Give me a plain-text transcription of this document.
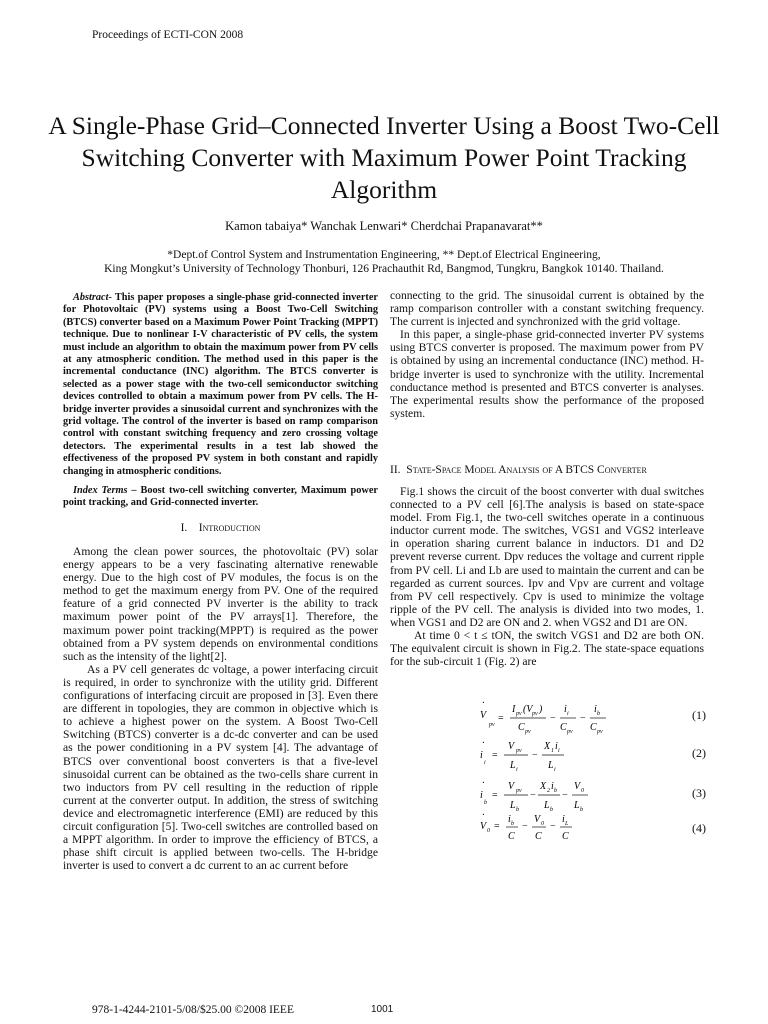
Proceedings of ECTI-CON 2008
A Single-Phase Grid–Connected Inverter Using a Boost Two-Cell Switching Converter with Maximum Power Point Tracking Algorithm
Kamon tabaiya* Wanchak Lenwari* Cherdchai Prapanavarat**
*Dept.of Control System and Instrumentation Engineering, ** Dept.of Electrical Engineering,
King Mongkut’s University of Technology Thonburi, 126 Prachauthit Rd, Bangmod, Tungkru, Bangkok 10140. Thailand.

Abstract- This paper proposes a single-phase grid-connected inverter for Photovoltaic (PV) systems using a Boost Two-Cell Switching (BTCS) converter based on a Maximum Power Point Tracking (MPPT) technique. Due to nonlinear I-V characteristic of PV cells, the system must include an algorithm to obtain the maximum power from PV cells at any atmospheric condition. The method used in this paper is the incremental conductance (INC) algorithm. The BTCS converter is selected as a power stage with the two-cell semiconductor switching devices controlled to obtain a maximum power from PV cells. The H-bridge inverter provides a sinusoidal current and synchronizes with the grid voltage. The control of the inverter is based on ramp comparison control with constant switching frequency and zero crossing voltage detectors. The experimental results in a test lab showed the effectiveness of the proposed PV system in both constant and rapidly changing in atmospheric conditions.

Index Terms – Boost two-cell switching converter, Maximum power point tracking, and Grid-connected inverter.

I. Introduction

Among the clean power sources, the photovoltaic (PV) solar energy appears to be a very fascinating alternative renewable energy. Due to the high cost of PV modules, the focus is on the method to get the maximum energy from PV. One of the required feature of a grid connected PV inverter is the ability to track maximum power point of the PV arrays[1]. Therefore, the maximum power point tracking(MPPT) is required as the power obtained from a PV system depends on environmental conditions such as the intensity of the light[2].

As a PV cell generates dc voltage, a power interfacing circuit is required, in order to synchronize with the utility grid. Different configurations of interfacing circuit are proposed in [3]. Even there are different in topologies, they are common in objective which is to achieve a highest power on the system. A Boost Two-Cell Switching (BTCS) converter is a dc-dc converter and can be used as the power conditioning in a PV system [4]. The advantage of BTCS over conventional boost converters is that a five-level sinusoidal current can be obtained as the two-cells share current in two inductors from PV cell resulting in the reduction of ripple current at the converter output. In addition, the stress of switching device and electromagnetic interference (EMI) are reduced by this circuit configuration [5]. Two-cell switches are controlled based on a MPPT algorithm. In order to improve the efficiency of BTCS, a phase shift circuit is applied between two-cells. The H-bridge inverter is used to convert a dc current to an ac current before

connecting to the grid. The sinusoidal current is obtained by the ramp comparison controller with a constant switching frequency. The current is injected and synchronized with the grid voltage.

In this paper, a single-phase grid-connected inverter PV systems using BTCS converter is proposed. The maximum power from PV is obtained by using an incremental conductance (INC) method. H-bridge inverter is used to synchronize with the utility. Incremental conductance method is presented and BTCS converter is analyses. The experimental results show the performance of the proposed system.

II. State-Space Model Analysis of A BTCS Converter

Fig.1 shows the circuit of the boost converter with dual switches connected to a PV cell [6].The analysis is based on state-space model. From Fig.1, the two-cell switches operate in a continuous inductor current mode. The switches, VGS1 and VGS2 interleave in operation sharing current balance in inductors. D1 and D2 prevent reverse current. Dpv reduces the voltage and current ripple from PV cell. Li and Lb are used to maintain the current and can be regarded as current sources. Ipv and Vpv are current and voltage from PV cell respectively. Cpv is used to minimize the voltage ripple of the PV cell. The analysis is divided into two modes, 1. when VGS1 and D2 are ON and 2. when VGS2 and D1 are ON.

At time 0 < t ≤ tON, the switch VGS1 and D2 are both ON. The equivalent circuit is shown in Fig.2. The state-space equations for the sub-circuit 1 (Fig. 2) are

·
V
pv
=
I pv (V pv )
C pv
−
i i
C pv
−
i b
C pv
(1)
·
i
i
=
V pv
L i
−
X 1 i i
L i
(2)
·
i
b
=
V pv
L b
−
X 2 i b
L b
−
V 0
L b
(3)
·
V 0 =
i b
C
−
V 0
C
−
i L
C
(4)
978-1-4244-2101-5/08/$25.00 ©2008 IEEE	1001
